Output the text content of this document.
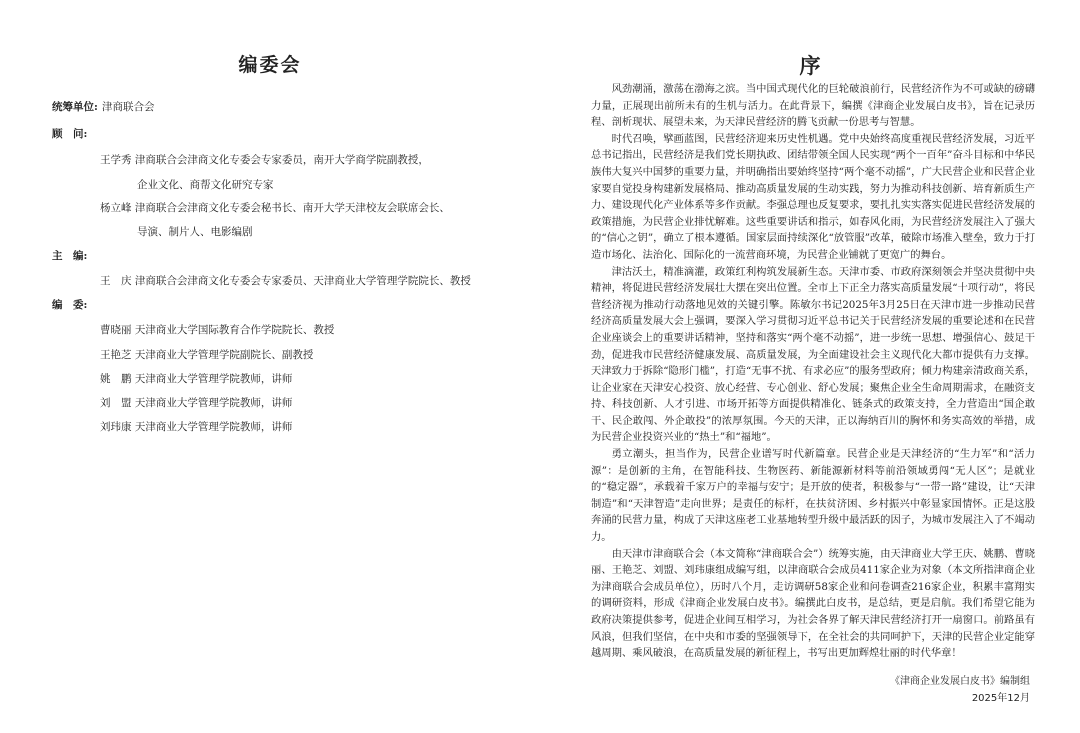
编委会
统筹单位: 津商联合会
顾　问:
王学秀 津商联合会津商文化专委会专家委员，南开大学商学院副教授，
企业文化、商帮文化研究专家
杨立峰 津商联合会津商文化专委会秘书长、南开大学天津校友会联席会长、
导演、制片人、电影编剧
主　编:
王　庆 津商联合会津商文化专委会专家委员、天津商业大学管理学院院长、教授
编　委:
曹晓丽 天津商业大学国际教育合作学院院长、教授
王艳芝 天津商业大学管理学院副院长、副教授
姚　鹏 天津商业大学管理学院教师，讲师
刘　盟 天津商业大学管理学院教师，讲师
刘玮康 天津商业大学管理学院教师，讲师
序

风劲潮涌，激荡在渤海之滨。当中国式现代化的巨轮破浪前行，民营经济作为不可或缺的磅礴力量，正展现出前所未有的生机与活力。在此背景下，编撰《津商企业发展白皮书》，旨在记录历程、剖析现状、展望未来，为天津民营经济的腾飞贡献一份思考与智慧。

时代召唤，擘画蓝图，民营经济迎来历史性机遇。党中央始终高度重视民营经济发展，习近平总书记指出，民营经济是我们党长期执政、团结带领全国人民实现“两个一百年”奋斗目标和中华民族伟大复兴中国梦的重要力量，并明确指出要始终坚持“两个毫不动摇”，广大民营企业和民营企业家要自觉投身构建新发展格局、推动高质量发展的生动实践，努力为推动科技创新、培育新质生产力、建设现代化产业体系等多作贡献。李强总理也反复要求，要扎扎实实落实促进民营经济发展的政策措施，为民营企业排忧解难。这些重要讲话和指示，如春风化雨，为民营经济发展注入了强大的“信心之钥”，确立了根本遵循。国家层面持续深化“放管服”改革，破除市场准入壁垒，致力于打造市场化、法治化、国际化的一流营商环境，为民营企业铺就了更宽广的舞台。

津沽沃土，精准滴灌，政策红利构筑发展新生态。天津市委、市政府深刻领会并坚决贯彻中央精神，将促进民营经济发展壮大摆在突出位置。全市上下正全力落实高质量发展“十项行动”，将民营经济视为推动行动落地见效的关键引擎。陈敏尔书记2025年3月25日在天津市进一步推动民营经济高质量发展大会上强调，要深入学习贯彻习近平总书记关于民营经济发展的重要论述和在民营企业座谈会上的重要讲话精神，坚持和落实“两个毫不动摇”，进一步统一思想、增强信心、鼓足干劲，促进我市民营经济健康发展、高质量发展，为全面建设社会主义现代化大都市提供有力支撑。天津致力于拆除“隐形门槛”，打造“无事不扰、有求必应”的服务型政府；倾力构建亲清政商关系，让企业家在天津安心投资、放心经营、专心创业、舒心发展；聚焦企业全生命周期需求，在融资支持、科技创新、人才引进、市场开拓等方面提供精准化、链条式的政策支持，全力营造出“国企敢干、民企敢闯、外企敢投”的浓厚氛围。今天的天津，正以海纳百川的胸怀和务实高效的举措，成为民营企业投资兴业的“热土”和“福地”。

勇立潮头，担当作为，民营企业谱写时代新篇章。民营企业是天津经济的“生力军”和“活力源”：是创新的主角，在智能科技、生物医药、新能源新材料等前沿领域勇闯“无人区”；是就业的“稳定器”，承载着千家万户的幸福与安宁；是开放的使者，积极参与“一带一路”建设，让“天津制造”和“天津智造”走向世界；是责任的标杆，在扶贫济困、乡村振兴中彰显家国情怀。正是这股奔涌的民营力量，构成了天津这座老工业基地转型升级中最活跃的因子，为城市发展注入了不竭动力。

由天津市津商联合会（本文简称“津商联合会”）统筹实施，由天津商业大学王庆、姚鹏、曹晓丽、王艳芝、刘盟、刘玮康组成编写组，以津商联合会成员411家企业为对象（本文所指津商企业为津商联合会成员单位），历时八个月，走访调研58家企业和问卷调查216家企业，积累丰富翔实的调研资料，形成《津商企业发展白皮书》。编撰此白皮书，是总结，更是启航。我们希望它能为政府决策提供参考，促进企业间互相学习，为社会各界了解天津民营经济打开一扇窗口。前路虽有风浪，但我们坚信，在中央和市委的坚强领导下，在全社会的共同呵护下，天津的民营企业定能穿越周期、乘风破浪，在高质量发展的新征程上，书写出更加辉煌壮丽的时代华章！

《津商企业发展白皮书》编制组
2025年12月
